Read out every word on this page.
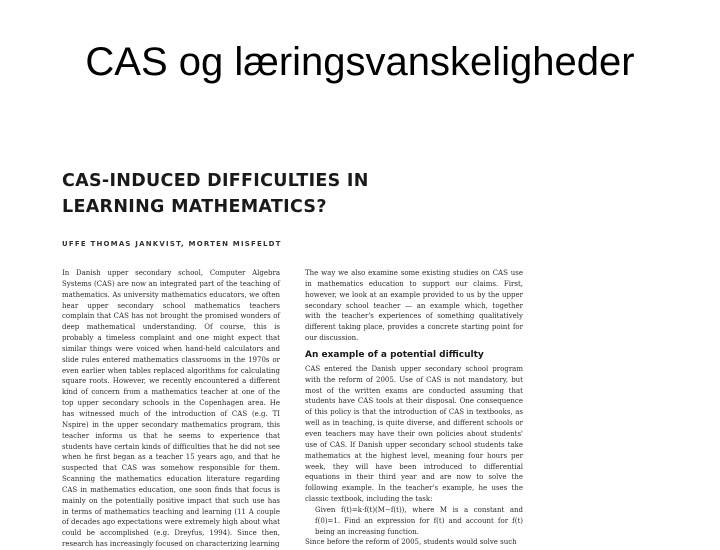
CAS og læringsvanskeligheder
CAS-INDUCED DIFFICULTIES IN
LEARNING MATHEMATICS?
UFFE THOMAS JANKVIST, MORTEN MISFELDT

In Danish upper secondary school, Computer Algebra Systems (CAS) are now an integrated part of the teaching of mathematics. As university mathematics educators, we often hear upper secondary school mathematics teachers complain that CAS has not brought the promised wonders of deep mathematical understanding. Of course, this is probably a timeless complaint and one might expect that similar things were voiced when hand-held calculators and slide rules entered mathematics classrooms in the 1970s or even earlier when tables replaced algorithms for calculating square roots. However, we recently encountered a different kind of concern from a mathematics teacher at one of the top upper secondary schools in the Copenhagen area. He has witnessed much of the introduction of CAS (e.g. TI Nspire) in the upper secondary mathematics program, this teacher informs us that he seems to experience that students have certain kinds of difficulties that he did not see when he first began as a teacher 15 years ago, and that he suspected that CAS was somehow responsible for them. Scanning the mathematics education literature regarding CAS in mathematics education, one soon finds that focus is mainly on the potentially positive impact that such use has in terms of mathematics teaching and learning (11 A couple of decades ago expectations were extremely high about what could be accomplished (e.g. Dreyfus, 1994). Since then, research has increasingly focused on characterizing learning

The way we also examine some existing studies on CAS use in mathematics education to support our claims. First, however, we look at an example provided to us by the upper secondary school teacher — an example which, together with the teacher's experiences of something qualitatively different taking place, provides a concrete starting point for our discussion.

An example of a potential difficulty

CAS entered the Danish upper secondary school program with the reform of 2005. Use of CAS is not mandatory, but most of the written exams are conducted assuming that students have CAS tools at their disposal. One consequence of this policy is that the introduction of CAS in textbooks, as well as in teaching, is quite diverse, and different schools or even teachers may have their own policies about students' use of CAS. If Danish upper secondary school students take mathematics at the highest level, meaning four hours per week, they will have been introduced to differential equations in their third year and are now to solve the following example. In the teacher's example, he uses the classic textbook, including the task:

Given f(t)=k·f(t)(M−f(t)), where M is a constant and f(0)=1. Find an expression for f(t) and account for f(t) being an increasing function.

Since before the reform of 2005, students would solve such
